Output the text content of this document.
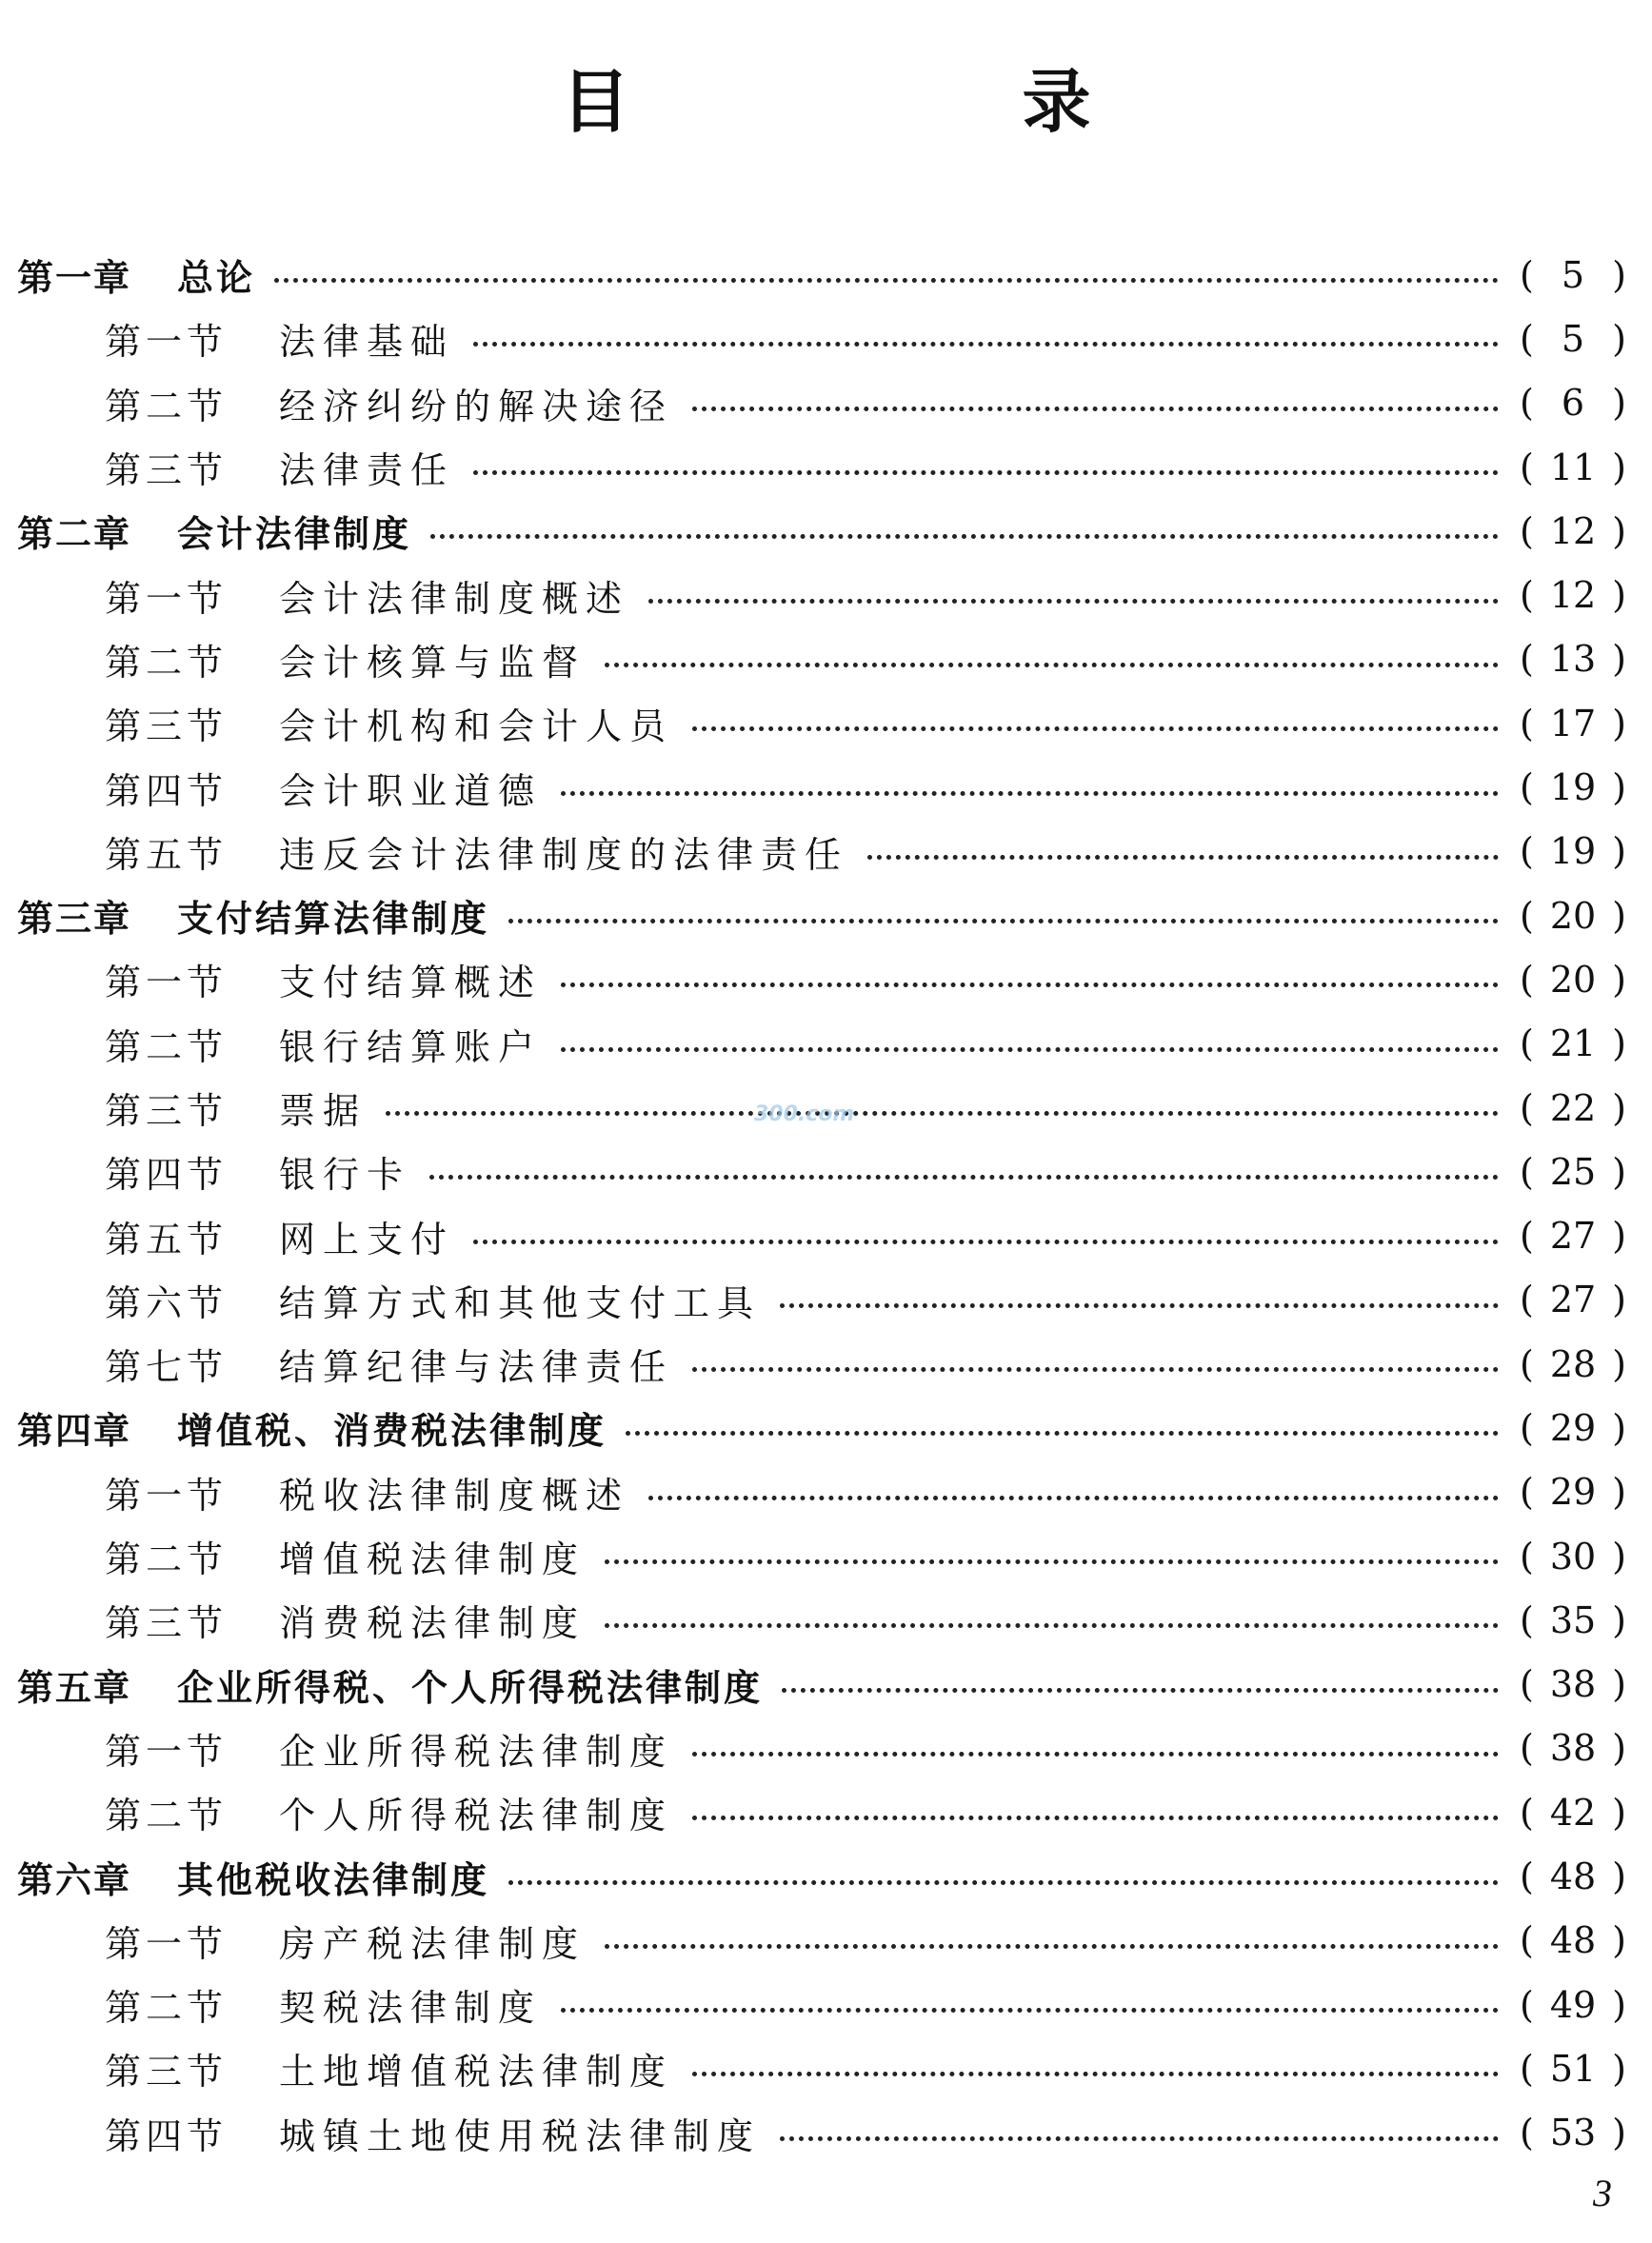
目　录
第一章 总论	( 5 )
第一节 法律基础	( 5 )
第二节 经济纠纷的解决途径	( 6 )
第三节 法律责任	( 11 )
第二章 会计法律制度	( 12 )
第一节 会计法律制度概述	( 12 )
第二节 会计核算与监督	( 13 )
第三节 会计机构和会计人员	( 17 )
第四节 会计职业道德	( 19 )
第五节 违反会计法律制度的法律责任	( 19 )
第三章 支付结算法律制度	( 20 )
第一节 支付结算概述	( 20 )
第二节 银行结算账户	( 21 )
第三节 票据	( 22 )
第四节 银行卡	( 25 )
第五节 网上支付	( 27 )
第六节 结算方式和其他支付工具	( 27 )
第七节 结算纪律与法律责任	( 28 )
第四章 增值税、消费税法律制度	( 29 )
第一节 税收法律制度概述	( 29 )
第二节 增值税法律制度	( 30 )
第三节 消费税法律制度	( 35 )
第五章 企业所得税、个人所得税法律制度	( 38 )
第一节 企业所得税法律制度	( 38 )
第二节 个人所得税法律制度	( 42 )
第六章 其他税收法律制度	( 48 )
第一节 房产税法律制度	( 48 )
第二节 契税法律制度	( 49 )
第三节 土地增值税法律制度	( 51 )
第四节 城镇土地使用税法律制度	( 53 )
300.com
3
